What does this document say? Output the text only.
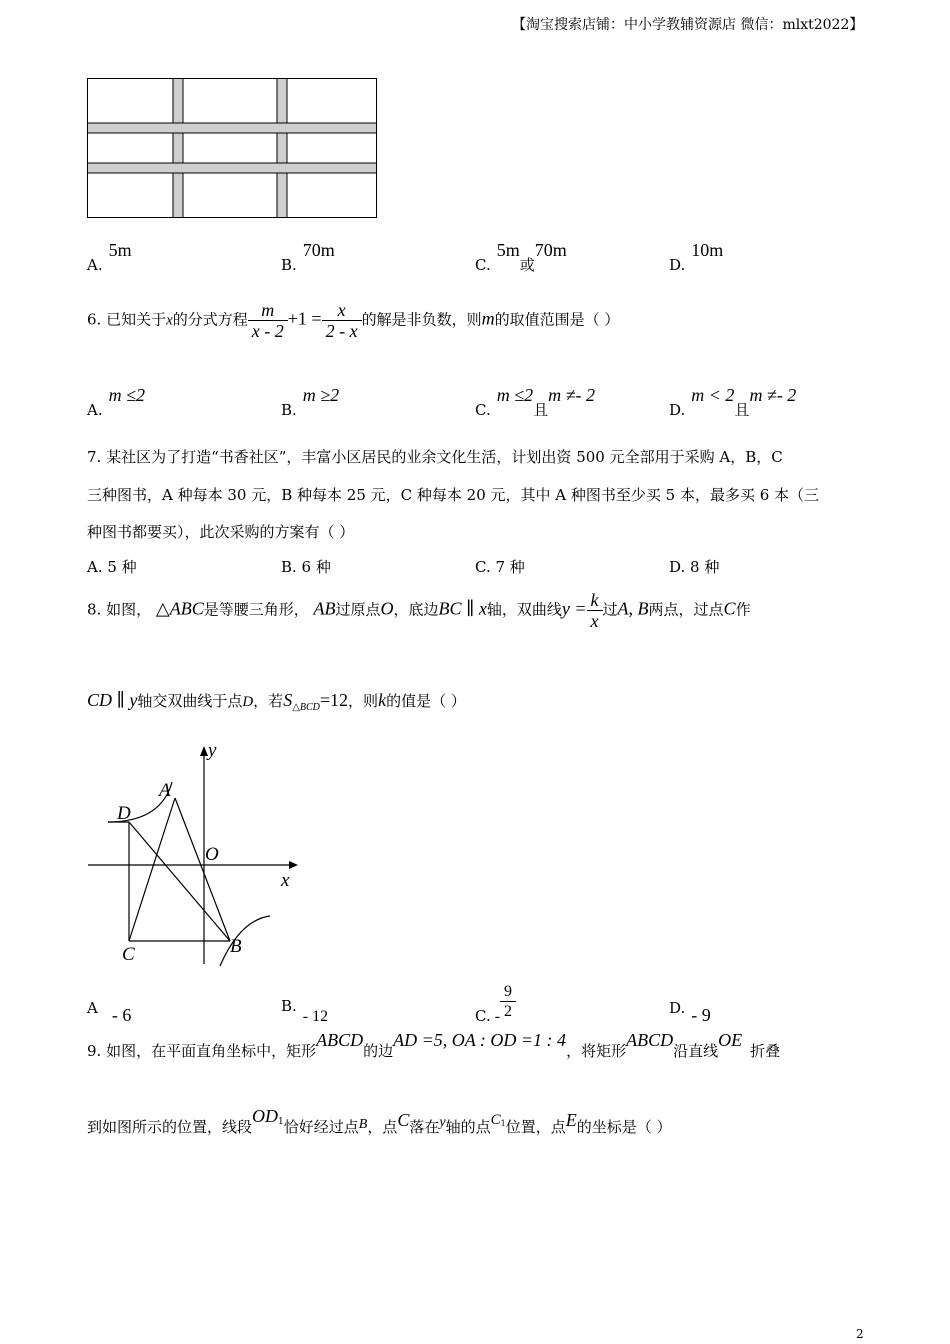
【淘宝搜索店铺：中小学教辅资源店 微信：mlxt2022】
A.5m
B.70m
C.5m或70m
D.10m
6. 已知关于x的分式方程 $\frac{m}{x - 2} +1 = \frac{x}{2 - x}$ 的解是非负数，则m的取值范围是（ ）
A.m ≤2
B.m ≥2
C.m ≤2且m ≠- 2
D.m < 2且m ≠- 2
7. 某社区为了打造“书香社区”，丰富小区居民的业余文化生活，计划出资 500 元全部用于采购 A，B，C
三种图书，A 种每本 30 元，B 种每本 25 元，C 种每本 20 元，其中 A 种图书至少买 5 本，最多买 6 本（三
种图书都要买），此次采购的方案有（ ）
A. 5 种	B. 6 种	C. 7 种	D. 8 种
8. 如图， △ABC是等腰三角形， AB过原点O，底边BC ∥ x轴，双曲线$y = \frac{k}{x}$ 过A, B两点，过点C作
CD ∥ y轴交双曲线于点D，若$S_{\triangle BCD}=12$，则k的值是（ ）
y
A
D
O
x
C	B
A - 6	B.- 12	C. - $\frac{9}{2}$	D. - 9
9. 如图，在平面直角坐标中，矩形ABCD的边AD =5, OA : OD =1 : 4，将矩形ABCD沿直线OE折叠
到如图所示的位置，线段$OD_1$恰好经过点B，点C落在y轴的点$C_1$位置，点E的坐标是（ ）
2
